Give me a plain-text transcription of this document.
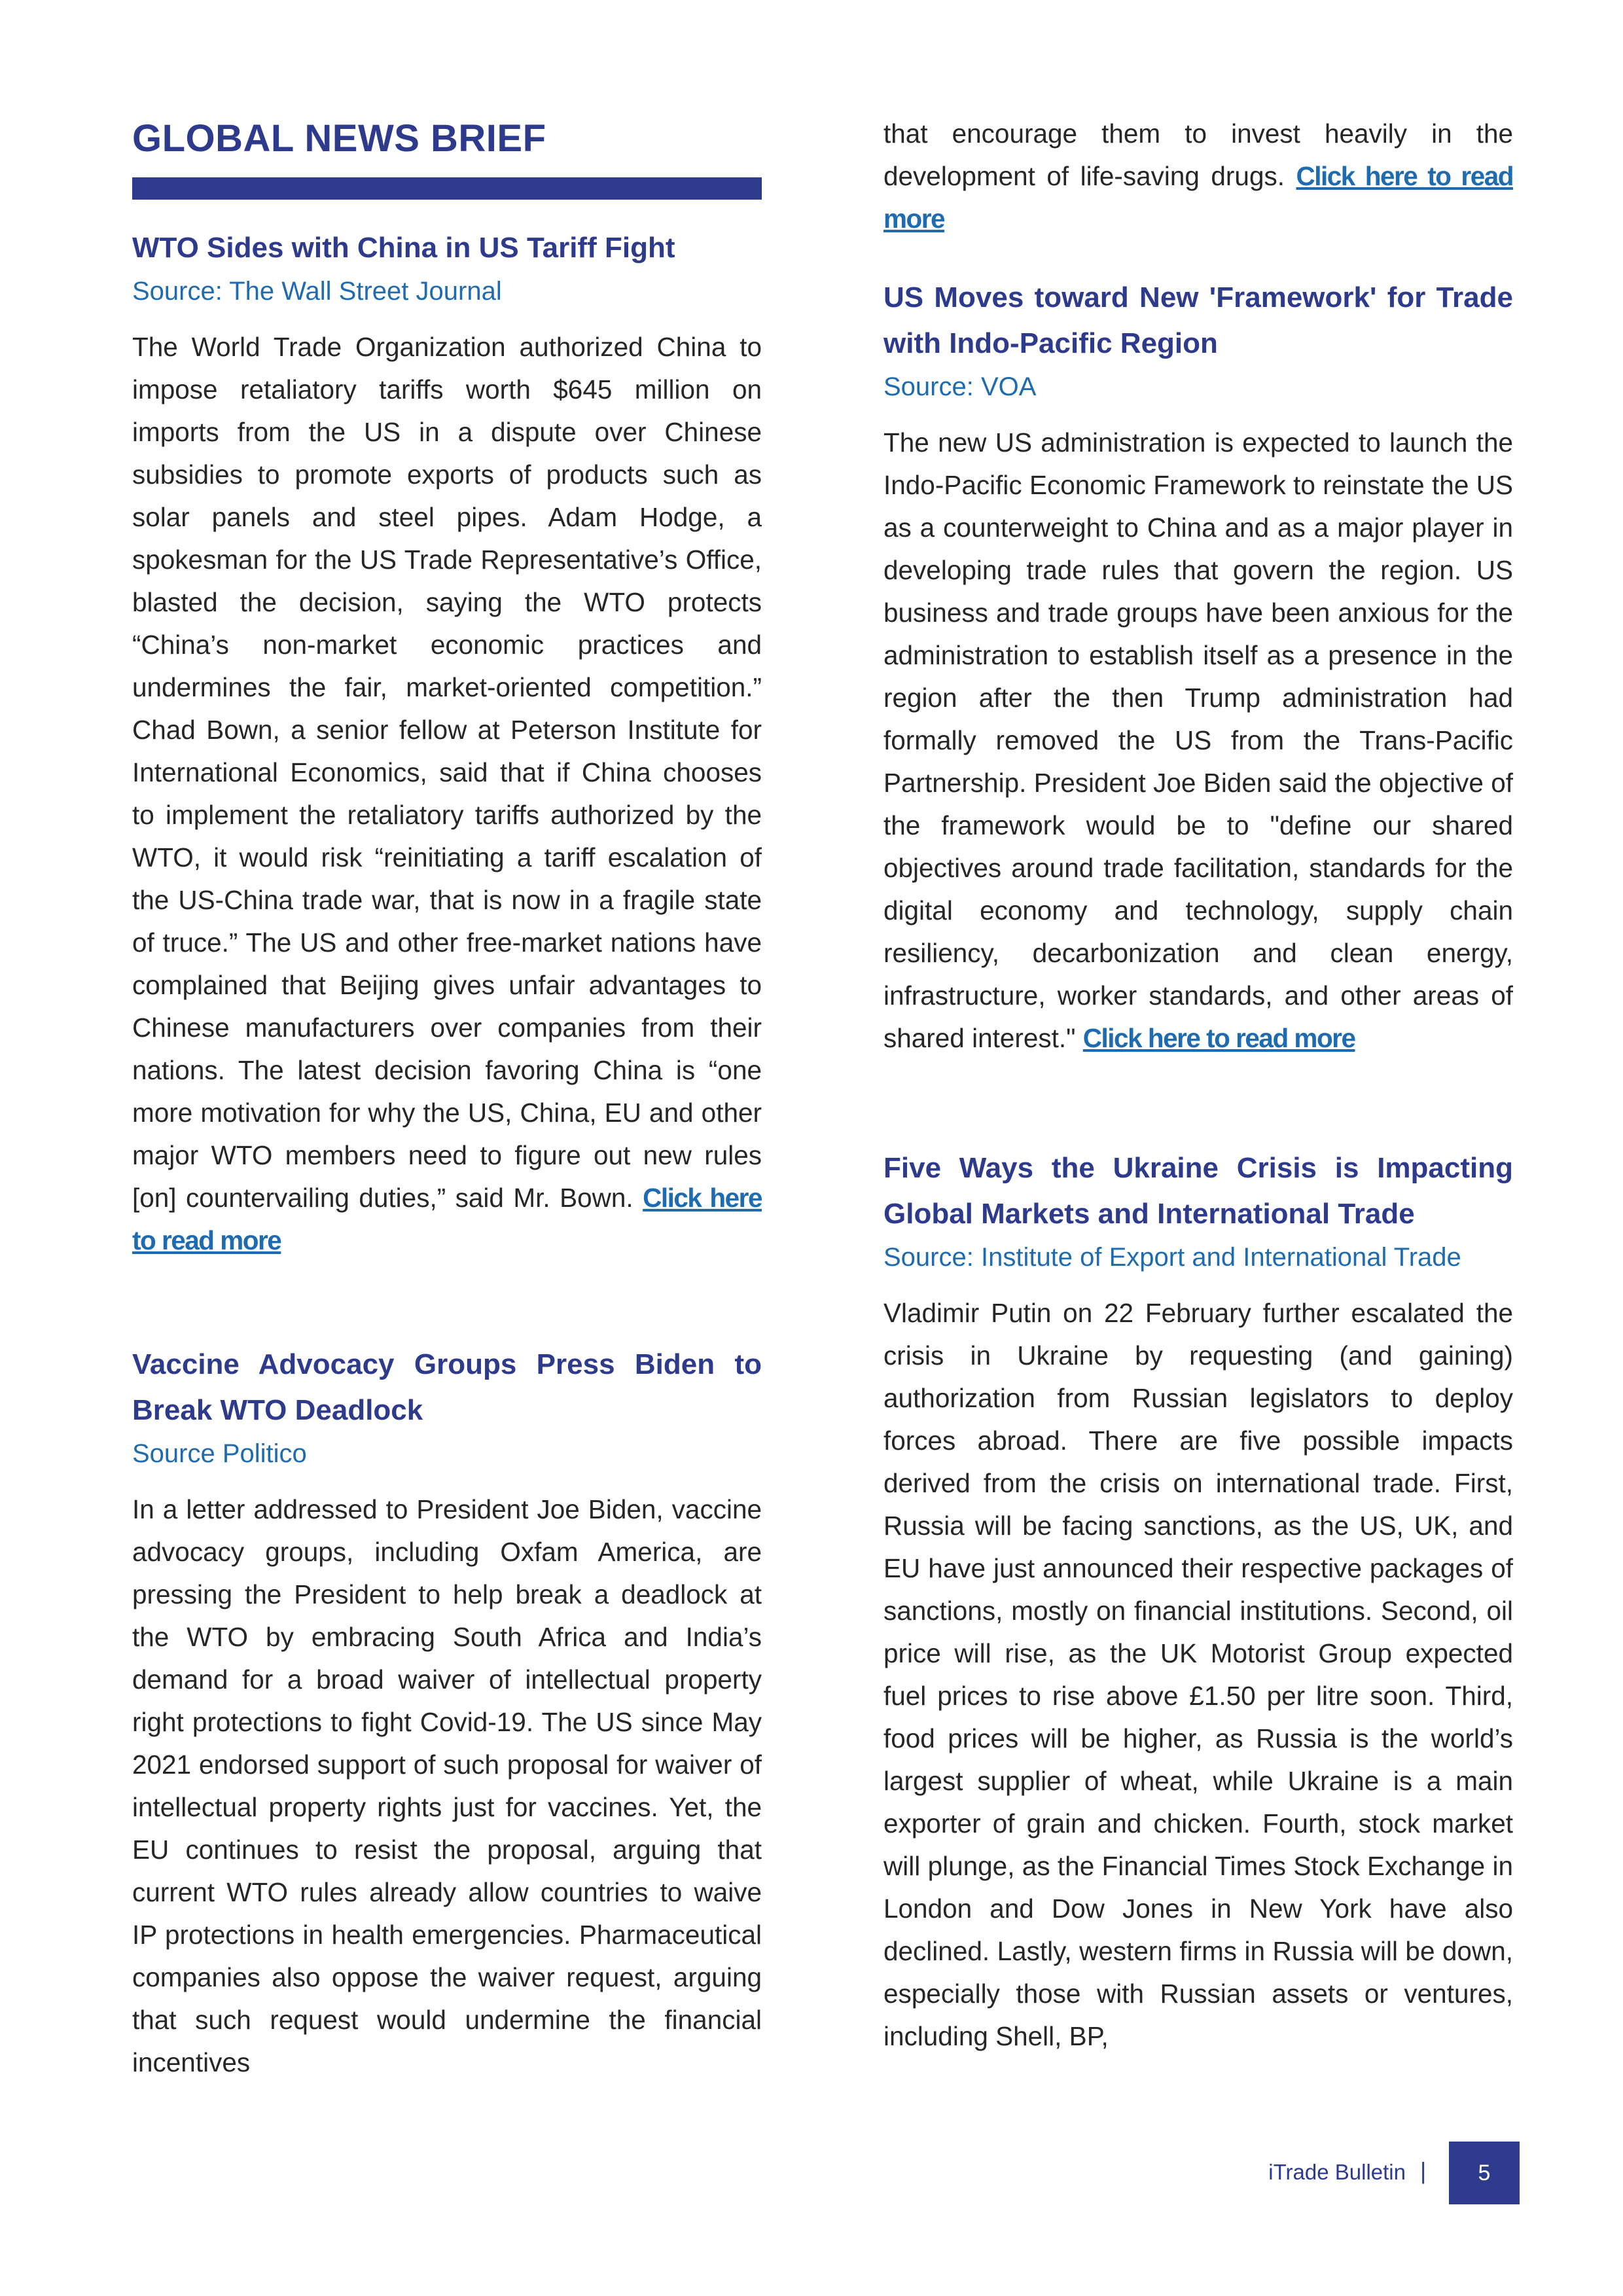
GLOBAL NEWS BRIEF
WTO Sides with China in US Tariff Fight

Source: The Wall Street Journal

The World Trade Organization authorized China to impose retaliatory tariffs worth $645 million on imports from the US in a dispute over Chinese subsidies to promote exports of products such as solar panels and steel pipes. Adam Hodge, a spokesman for the US Trade Representative’s Office, blasted the decision, saying the WTO protects “China’s non-market economic practices and undermines the fair, market-oriented competition.” Chad Bown, a senior fellow at Peterson Institute for International Economics, said that if China chooses to implement the retaliatory tariffs authorized by the WTO, it would risk “reinitiating a tariff escalation of the US-China trade war, that is now in a fragile state of truce.” The US and other free-market nations have complained that Beijing gives unfair advantages to Chinese manufacturers over companies from their nations. The latest decision favoring China is “one more motivation for why the US, China, EU and other major WTO members need to figure out new rules [on] countervailing duties,” said Mr. Bown. Click here to read more

Vaccine Advocacy Groups Press Biden to Break WTO Deadlock

Source Politico

In a letter addressed to President Joe Biden, vaccine advocacy groups, including Oxfam America, are pressing the President to help break a deadlock at the WTO by embracing South Africa and India’s demand for a broad waiver of intellectual property right protections to fight Covid-19. The US since May 2021 endorsed support of such proposal for waiver of intellectual property rights just for vaccines. Yet, the EU continues to resist the proposal, arguing that current WTO rules already allow countries to waive IP protections in health emergencies. Pharmaceutical companies also oppose the waiver request, arguing that such request would undermine the financial incentives

that encourage them to invest heavily in the development of life-saving drugs. Click here to read more

US Moves toward New 'Framework' for Trade with Indo-Pacific Region

Source: VOA

The new US administration is expected to launch the Indo-Pacific Economic Framework to reinstate the US as a counterweight to China and as a major player in developing trade rules that govern the region. US business and trade groups have been anxious for the administration to establish itself as a presence in the region after the then Trump administration had formally removed the US from the Trans-Pacific Partnership. President Joe Biden said the objective of the framework would be to "define our shared objectives around trade facilitation, standards for the digital economy and technology, supply chain resiliency, decarbonization and clean energy, infrastructure, worker standards, and other areas of shared interest." Click here to read more

Five Ways the Ukraine Crisis is Impacting Global Markets and International Trade

Source: Institute of Export and International Trade

Vladimir Putin on 22 February further escalated the crisis in Ukraine by requesting (and gaining) authorization from Russian legislators to deploy forces abroad. There are five possible impacts derived from the crisis on international trade. First, Russia will be facing sanctions, as the US, UK, and EU have just announced their respective packages of sanctions, mostly on financial institutions. Second, oil price will rise, as the UK Motorist Group expected fuel prices to rise above £1.50 per litre soon. Third, food prices will be higher, as Russia is the world’s largest supplier of wheat, while Ukraine is a main exporter of grain and chicken. Fourth, stock market will plunge, as the Financial Times Stock Exchange in London and Dow Jones in New York have also declined. Lastly, western firms in Russia will be down, especially those with Russian assets or ventures, including Shell, BP,

iTrade Bulletin |	5
